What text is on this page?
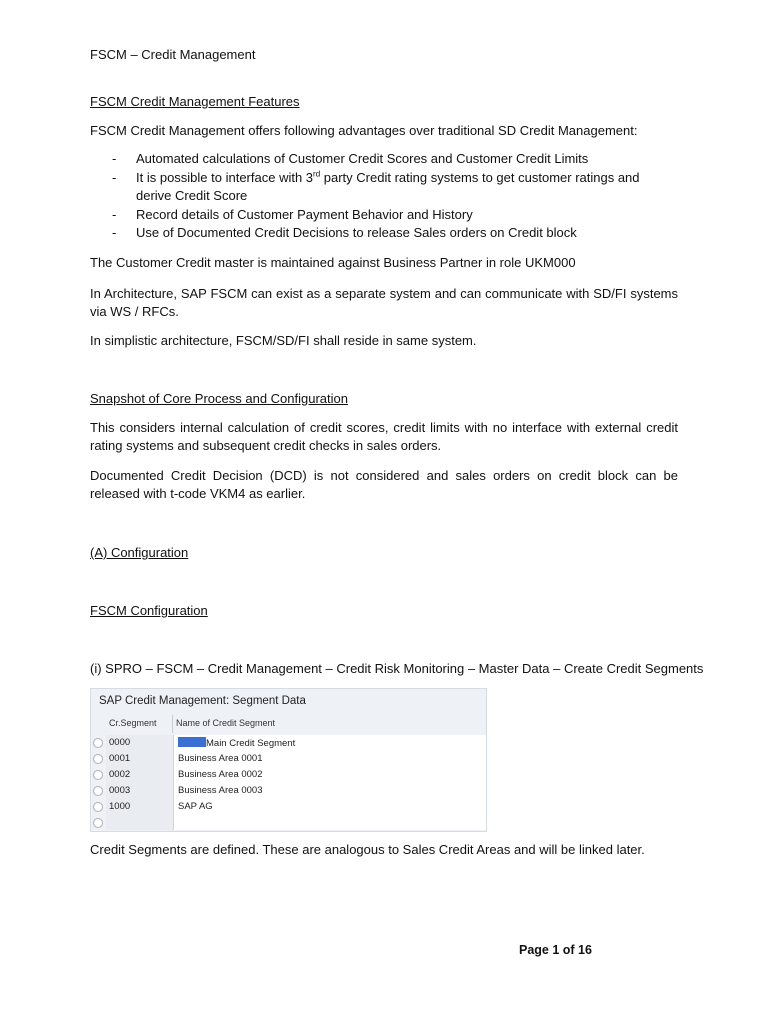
FSCM – Credit Management
FSCM Credit Management Features
FSCM Credit Management offers following advantages over traditional SD Credit Management:
- Automated calculations of Customer Credit Scores and Customer Credit Limits
- It is possible to interface with 3rd party Credit rating systems to get customer ratings and derive Credit Score
- Record details of Customer Payment Behavior and History
- Use of Documented Credit Decisions to release Sales orders on Credit block
The Customer Credit master is maintained against Business Partner in role UKM000

In Architecture, SAP FSCM can exist as a separate system and can communicate with SD/FI systems via WS / RFCs.

In simplistic architecture, FSCM/SD/FI shall reside in same system.
Snapshot of Core Process and Configuration

This considers internal calculation of credit scores, credit limits with no interface with external credit rating systems and subsequent credit checks in sales orders.

Documented Credit Decision (DCD) is not considered and sales orders on credit block can be released with t-code VKM4 as earlier.

(A) Configuration
FSCM Configuration
(i) SPRO – FSCM – Credit Management – Credit Risk Monitoring – Master Data – Create Credit Segments
SAP Credit Management: Segment Data
Cr.Segment Name of Credit Segment
0000	Main Credit Segment
0001	Business Area 0001
0002	Business Area 0002
0003	Business Area 0003
1000	SAP AG
Credit Segments are defined. These are analogous to Sales Credit Areas and will be linked later.
Page 1 of 16
